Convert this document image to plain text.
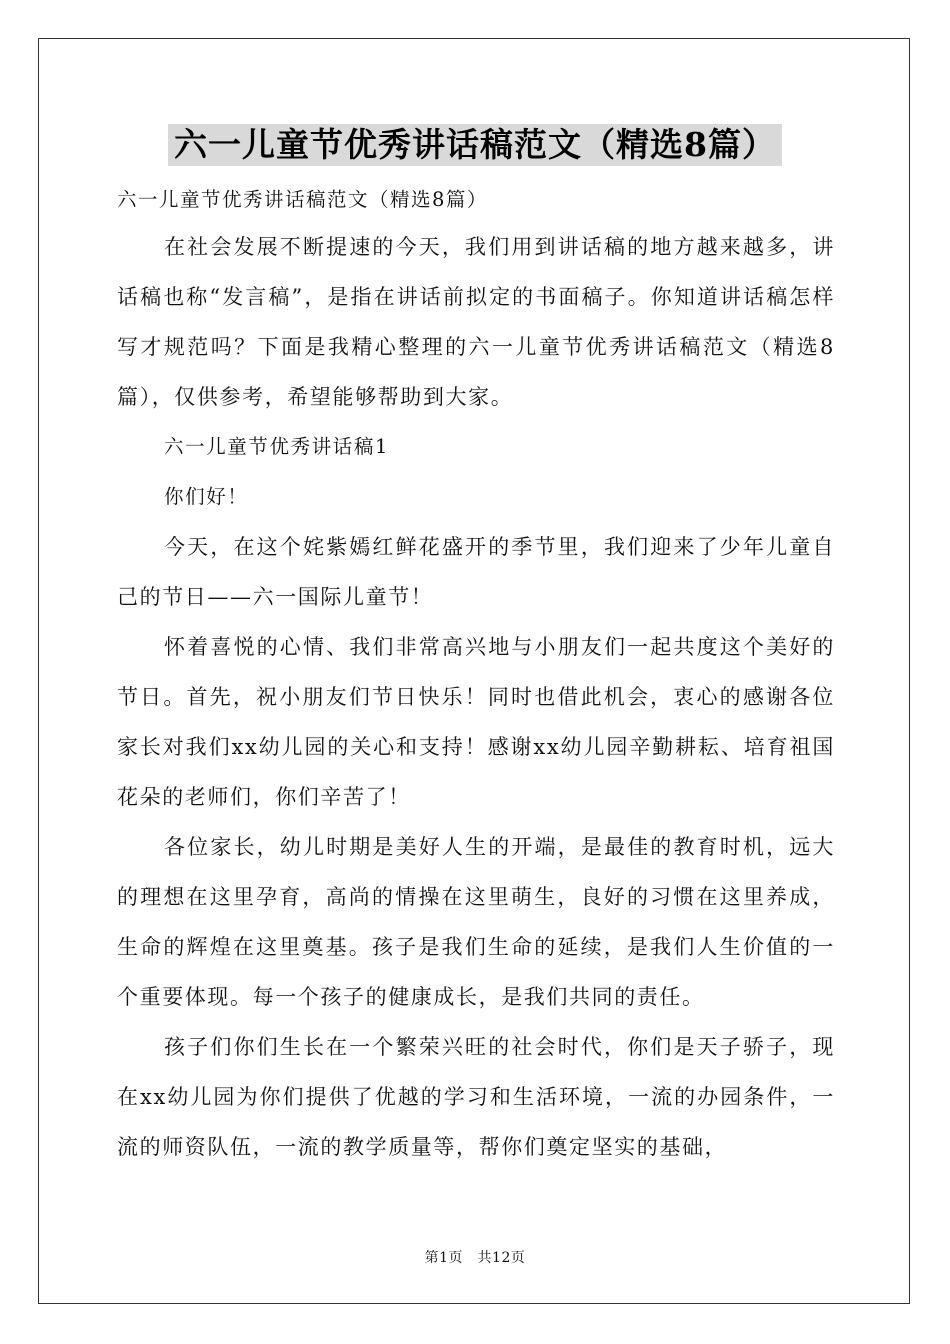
六一儿童节优秀讲话稿范文（精选8篇）

六一儿童节优秀讲话稿范文（精选8篇）

在社会发展不断提速的今天，我们用到讲话稿的地方越来越多，讲话稿也称“发言稿”，是指在讲话前拟定的书面稿子。你知道讲话稿怎样写才规范吗？下面是我精心整理的六一儿童节优秀讲话稿范文（精选8篇），仅供参考，希望能够帮助到大家。

六一儿童节优秀讲话稿1

你们好！

今天，在这个姹紫嫣红鲜花盛开的季节里，我们迎来了少年儿童自己的节日——六一国际儿童节！

怀着喜悦的心情、我们非常高兴地与小朋友们一起共度这个美好的节日。首先，祝小朋友们节日快乐！同时也借此机会，衷心的感谢各位家长对我们xx幼儿园的关心和支持！感谢xx幼儿园辛勤耕耘、培育祖国花朵的老师们，你们辛苦了！

各位家长，幼儿时期是美好人生的开端，是最佳的教育时机，远大的理想在这里孕育，高尚的情操在这里萌生，良好的习惯在这里养成，生命的辉煌在这里奠基。孩子是我们生命的延续，是我们人生价值的一个重要体现。每一个孩子的健康成长，是我们共同的责任。

孩子们你们生长在一个繁荣兴旺的社会时代，你们是天子骄子，现在xx幼儿园为你们提供了优越的学习和生活环境，一流的办园条件，一流的师资队伍，一流的教学质量等，帮你们奠定坚实的基础，

第1页　共12页
